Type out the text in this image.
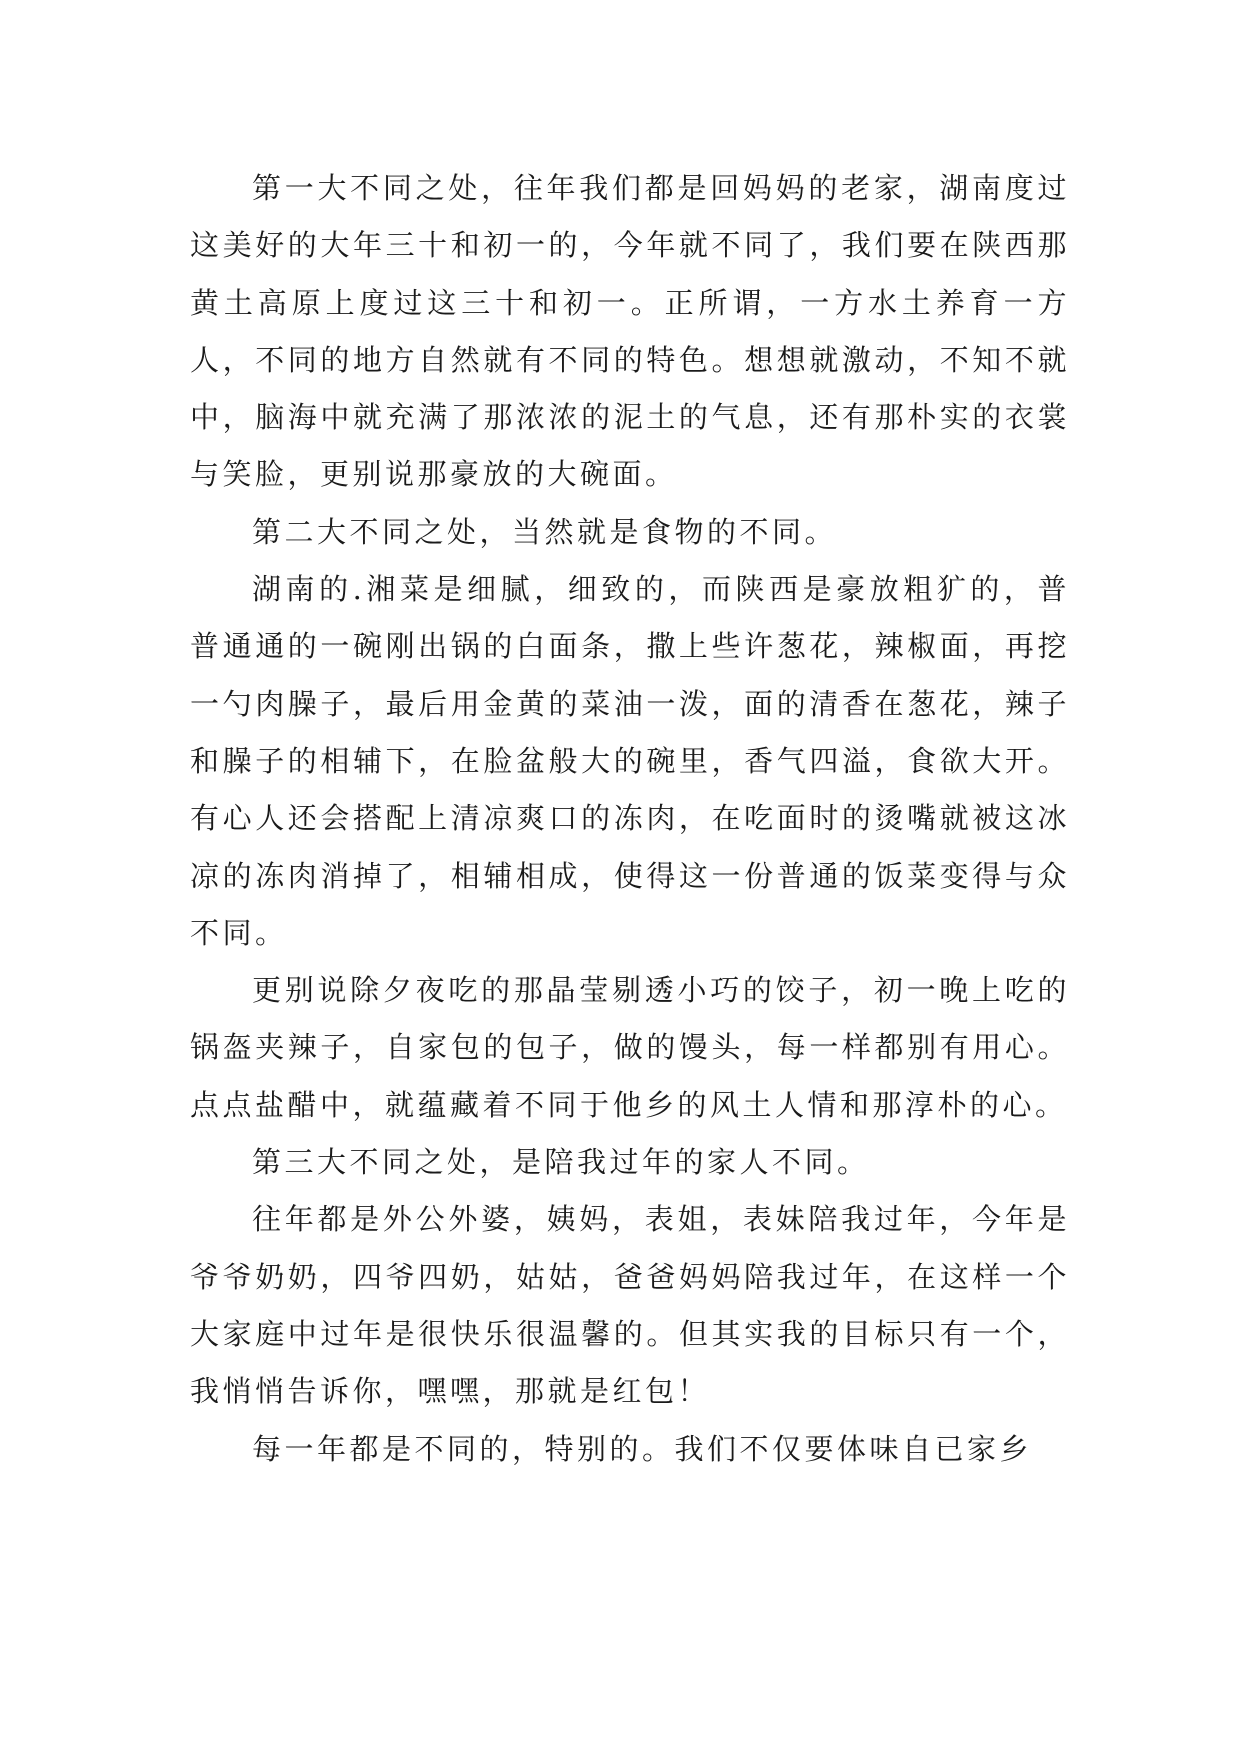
第一大不同之处，往年我们都是回妈妈的老家，湖南度过这美好的大年三十和初一的，今年就不同了，我们要在陕西那黄土高原上度过这三十和初一。正所谓，一方水土养育一方人，不同的地方自然就有不同的特色。想想就激动，不知不就中，脑海中就充满了那浓浓的泥土的气息，还有那朴实的衣裳与笑脸，更别说那豪放的大碗面。

第二大不同之处，当然就是食物的不同。

湖南的.湘菜是细腻，细致的，而陕西是豪放粗犷的，普普通通的一碗刚出锅的白面条，撒上些许葱花，辣椒面，再挖一勺肉臊子，最后用金黄的菜油一泼，面的清香在葱花，辣子和臊子的相辅下，在脸盆般大的碗里，香气四溢，食欲大开。有心人还会搭配上清凉爽口的冻肉，在吃面时的烫嘴就被这冰凉的冻肉消掉了，相辅相成，使得这一份普通的饭菜变得与众不同。

更别说除夕夜吃的那晶莹剔透小巧的饺子，初一晚上吃的锅盔夹辣子，自家包的包子，做的馒头，每一样都别有用心。点点盐醋中，就蕴藏着不同于他乡的风土人情和那淳朴的心。

第三大不同之处，是陪我过年的家人不同。

往年都是外公外婆，姨妈，表姐，表妹陪我过年，今年是爷爷奶奶，四爷四奶，姑姑，爸爸妈妈陪我过年，在这样一个大家庭中过年是很快乐很温馨的。但其实我的目标只有一个，我悄悄告诉你，嘿嘿，那就是红包！

每一年都是不同的，特别的。我们不仅要体味自已家乡
